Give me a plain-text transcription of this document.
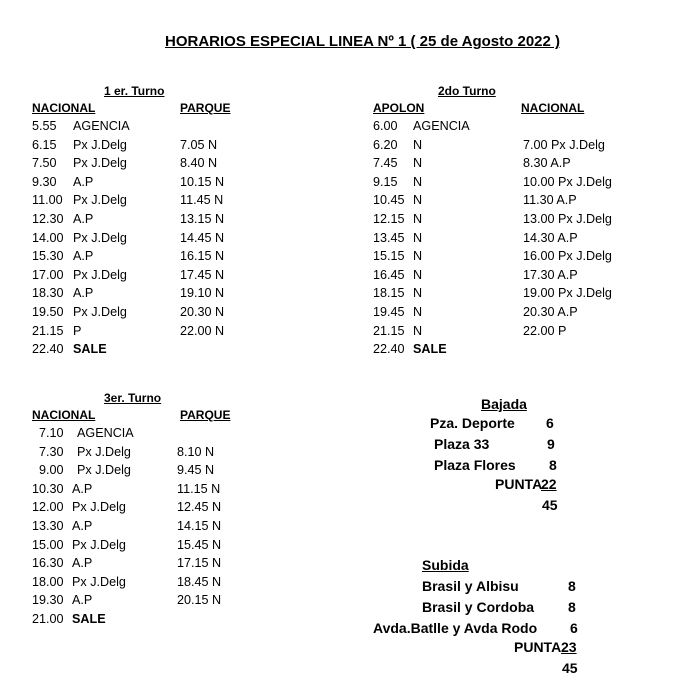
HORARIOS ESPECIAL LINEA Nº 1 ( 25 de Agosto 2022 )
1 er. Turno
NACIONAL	PARQUE
5.55 AGENCIA
6.15 Px J.Delg	7.05 N
7.50 Px J.Delg	8.40 N
9.30 A.P	10.15 N
11.00 Px J.Delg	11.45 N
12.30 A.P	13.15 N
14.00 Px J.Delg	14.45 N
15.30 A.P	16.15 N
17.00 Px J.Delg	17.45 N
18.30 A.P	19.10 N
19.50 Px J.Delg	20.30 N
21.15 P	22.00 N
22.40 SALE
2do Turno
APOLON	NACIONAL
6.00 AGENCIA
6.20 N	7.00 Px J.Delg
7.45 N	8.30 A.P
9.15 N	10.00 Px J.Delg
10.45 N	11.30 A.P
12.15 N	13.00 Px J.Delg
13.45 N	14.30 A.P
15.15 N	16.00 Px J.Delg
16.45 N	17.30 A.P
18.15 N	19.00 Px J.Delg
19.45 N	20.30 A.P
21.15 N	22.00 P
22.40 SALE
3er. Turno
NACIONAL	PARQUE
7.10 AGENCIA
7.30 Px J.Delg	8.10 N
9.00 Px J.Delg	9.45 N
10.30 A.P	11.15 N
12.00 Px J.Delg	12.45 N
13.30 A.P	14.15 N
15.00 Px J.Delg	15.45 N
16.30 A.P	17.15 N
18.00 Px J.Delg	18.45 N
19.30 A.P	20.15 N
21.00 SALE
Bajada
Pza. Deporte 6
Plaza 33	9
Plaza Flores 8
PUNTA
22
45
Subida
Brasil y Albisu	8
Brasil y Cordoba 8
Avda.Batlle y Avda Rodo 6
PUNTA 23
45
